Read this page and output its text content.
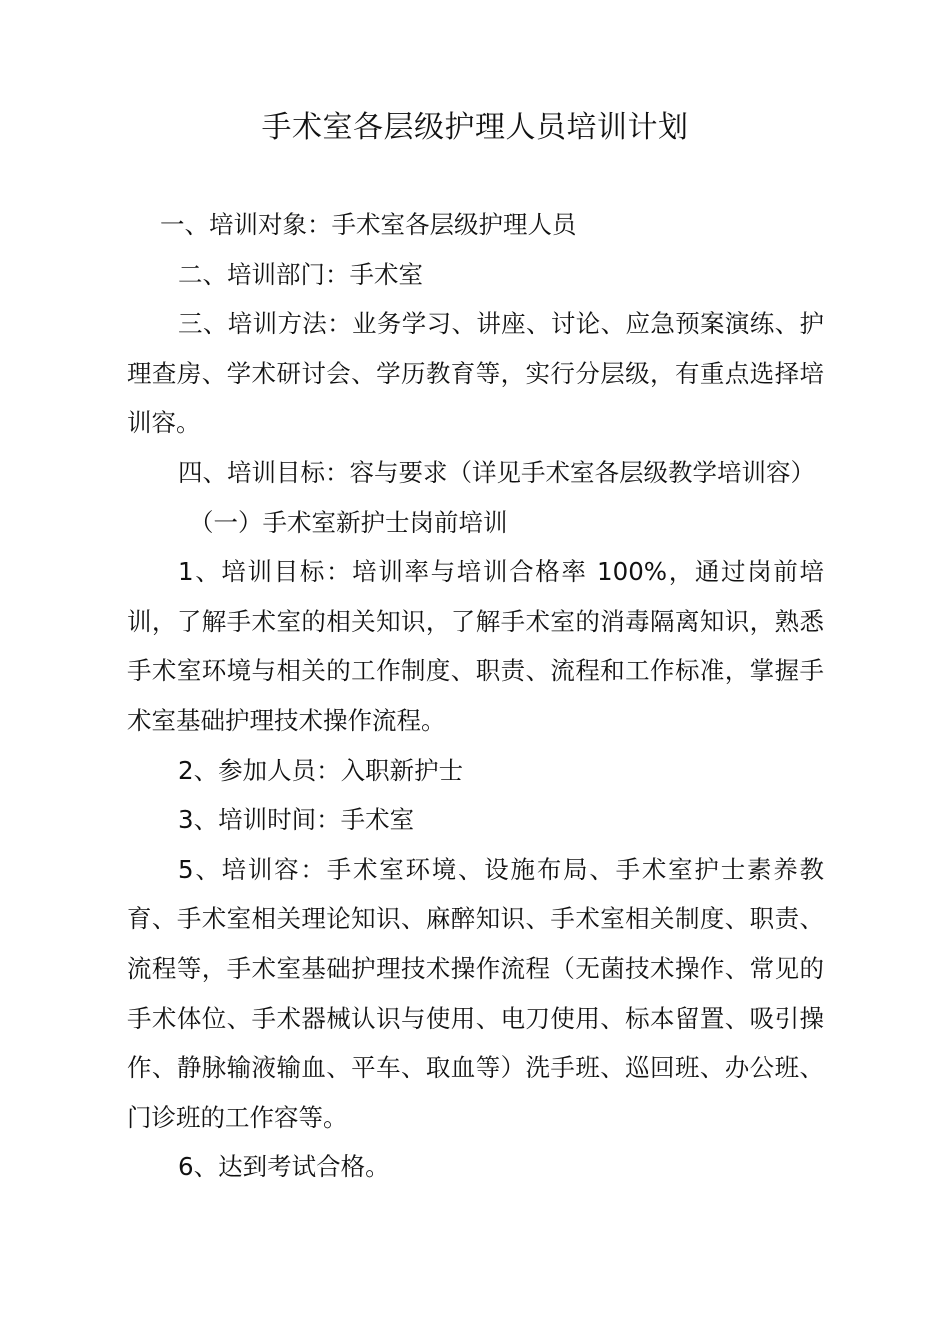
手术室各层级护理人员培训计划

一、培训对象：手术室各层级护理人员

二、培训部门：手术室

三、培训方法：业务学习、讲座、讨论、应急预案演练、护理查房、学术研讨会、学历教育等，实行分层级，有重点选择培训容。

四、培训目标：容与要求（详见手术室各层级教学培训容）

（一）手术室新护士岗前培训

1、培训目标：培训率与培训合格率 100%，通过岗前培训，了解手术室的相关知识，了解手术室的消毒隔离知识，熟悉手术室环境与相关的工作制度、职责、流程和工作标准，掌握手术室基础护理技术操作流程。

2、参加人员：入职新护士

3、培训时间：手术室

5、培训容：手术室环境、设施布局、手术室护士素养教育、手术室相关理论知识、麻醉知识、手术室相关制度、职责、流程等，手术室基础护理技术操作流程（无菌技术操作、常见的手术体位、手术器械认识与使用、电刀使用、标本留置、吸引操作、静脉输液输血、平车、取血等）洗手班、巡回班、办公班、门诊班的工作容等。

6、达到考试合格。
